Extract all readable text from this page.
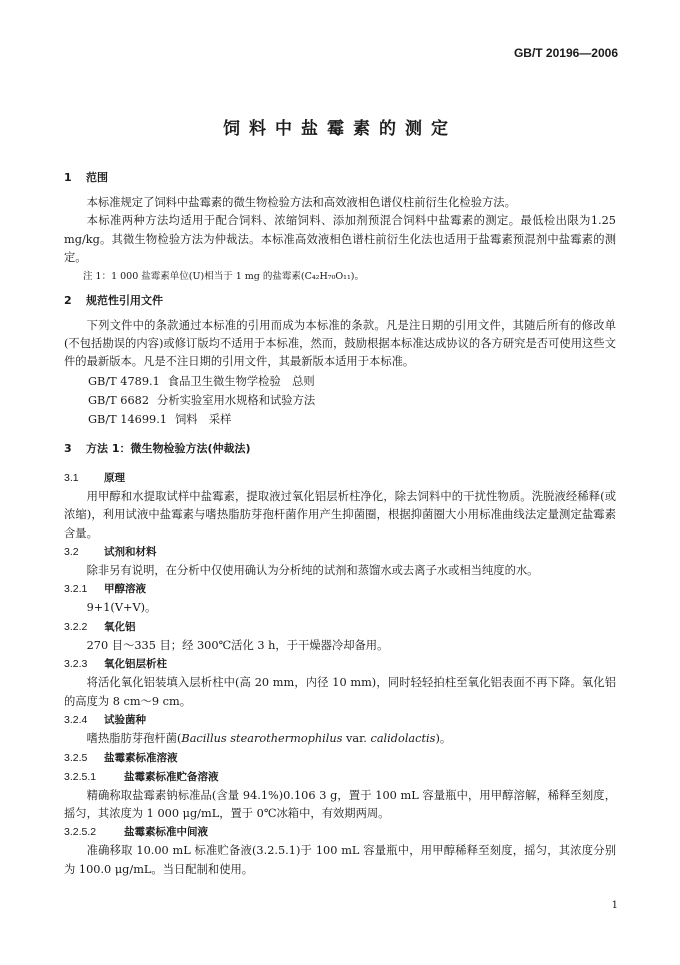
GB/T 20196—2006
饲料中盐霉素的测定
1 范围

本标准规定了饲料中盐霉素的微生物检验方法和高效液相色谱仪柱前衍生化检验方法。

本标准两种方法均适用于配合饲料、浓缩饲料、添加剂预混合饲料中盐霉素的测定。最低检出限为1.25 mg/kg。其微生物检验方法为仲裁法。本标准高效液相色谱柱前衍生化法也适用于盐霉素预混剂中盐霉素的测定。

注 1：1 000 盐霉素单位(U)相当于 1 mg 的盐霉素(C₄₂H₇₀O₁₁)。
2 规范性引用文件

下列文件中的条款通过本标准的引用而成为本标准的条款。凡是注日期的引用文件，其随后所有的修改单(不包括勘误的内容)或修订版均不适用于本标准，然而，鼓励根据本标准达成协议的各方研究是否可使用这些文件的最新版本。凡是不注日期的引用文件，其最新版本适用于本标准。

GB/T 4789.1 食品卫生微生物学检验　总则
GB/T 6682 分析实验室用水规格和试验方法
GB/T 14699.1 饲料　采样
3 方法 1：微生物检验方法(仲裁法)
3.1 原理

用甲醇和水提取试样中盐霉素，提取液过氧化铝层析柱净化，除去饲料中的干扰性物质。洗脱液经稀释(或浓缩)，利用试液中盐霉素与嗜热脂肪芽孢杆菌作用产生抑菌圈，根据抑菌圈大小用标准曲线法定量测定盐霉素含量。

3.2 试剂和材料

除非另有说明，在分析中仅使用确认为分析纯的试剂和蒸馏水或去离子水或相当纯度的水。

3.2.1 甲醇溶液

9+1(V+V)。

3.2.2 氧化铝

270 目～335 目；经 300℃活化 3 h，于干燥器冷却备用。

3.2.3 氧化铝层析柱

将活化氧化铝装填入层析柱中(高 20 mm，内径 10 mm)，同时轻轻拍柱至氧化铝表面不再下降。氧化铝的高度为 8 cm～9 cm。

3.2.4 试验菌种

嗜热脂肪芽孢杆菌(Bacillus stearothermophilus var. calidolactis)。

3.2.5 盐霉素标准溶液
3.2.5.1	盐霉素标准贮备溶液

精确称取盐霉素钠标准品(含量 94.1%)0.106 3 g，置于 100 mL 容量瓶中，用甲醇溶解，稀释至刻度，摇匀，其浓度为 1 000 μg/mL，置于 0℃冰箱中，有效期两周。

3.2.5.2	盐霉素标准中间液

准确移取 10.00 mL 标准贮备液(3.2.5.1)于 100 mL 容量瓶中，用甲醇稀释至刻度，摇匀，其浓度分别为 100.0 μg/mL。当日配制和使用。

1
